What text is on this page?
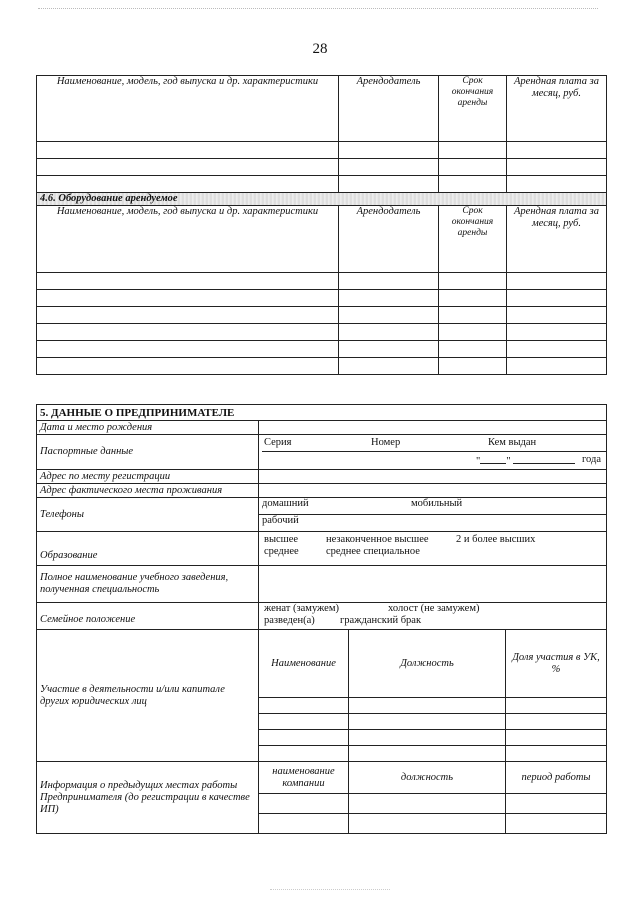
28
Наименование, модель, год выпуска и др. характеристики	Арендодатель	Срок окончания аренды	Арендная плата за месяц, руб.

4.6. Оборудование арендуемое			
Наименование, модель, год выпуска и др. характеристики	Арендодатель	Срок окончания аренды	Арендная плата за месяц, руб.

5. ДАННЫЕ О ПРЕДПРИНИМАТЕЛЕ			
Дата и место рождения			
Паспортные данные	Серия Номер Кем выдан
" " года		

Адрес по месту регистрации			
Адрес фактического места проживания			
Телефоны	домашний мобильный		

	рабочий		
Образование	высшее незаконченное высшее 2 и более высших
среднее среднее специальное		

Полное наименование учебного заведения, полученная специальность			
Семейное положение	женат (замужем) холост (не замужем)
разведен(а) гражданский брак		

Участие в деятельности и/или капитале других юридических лиц	Наименование	Должность	Доля участия в УК, %

Информация о предыдущих местах работы Предпринимателя (до регистрации в качестве ИП)	наименование компании	должность	период работы
